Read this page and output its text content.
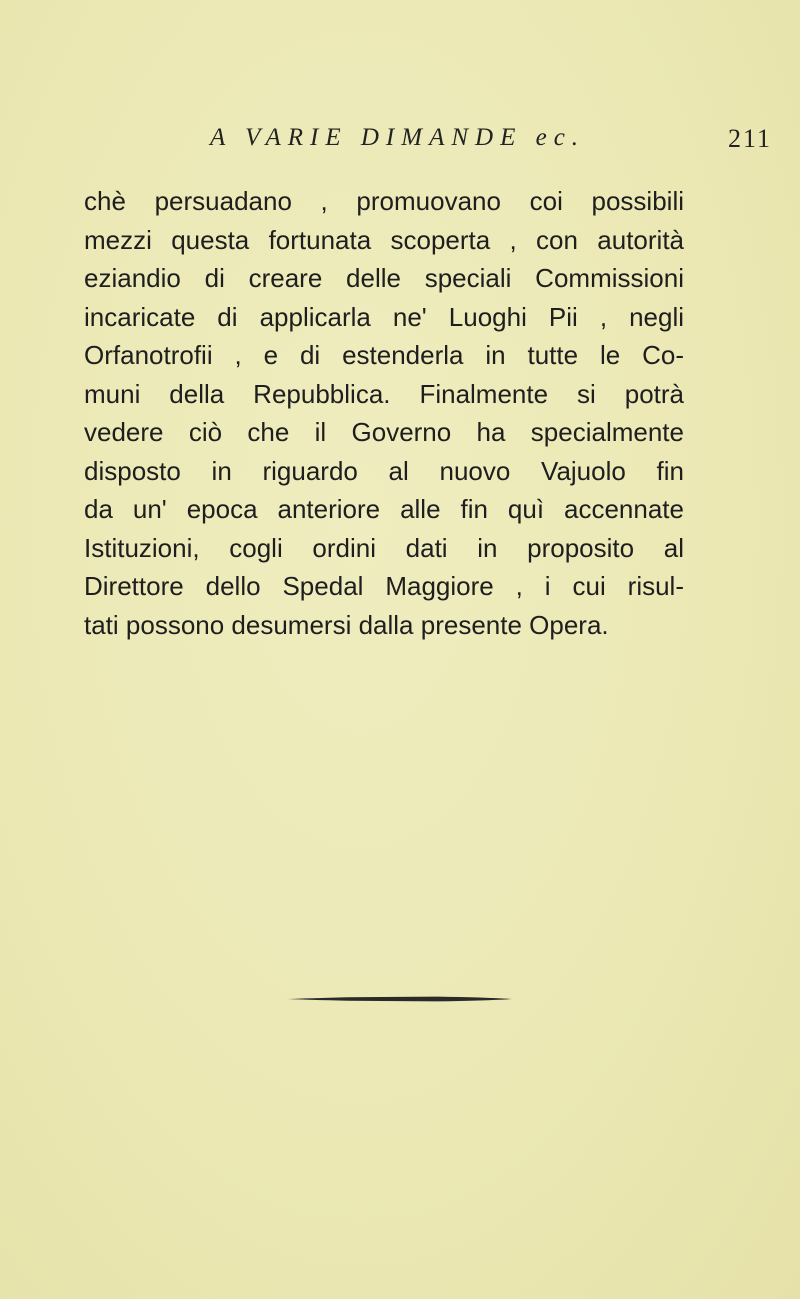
A VARIE DIMANDE ec.	211
chè persuadano , promuovano coi possibili
mezzi questa fortunata scoperta , con autorità
eziandio di creare delle speciali Commissioni
incaricate di applicarla ne' Luoghi Pii , negli
Orfanotrofii , e di estenderla in tutte le Co-
muni della Repubblica. Finalmente si potrà
vedere ciò che il Governo ha specialmente
disposto in riguardo al nuovo Vajuolo fin
da un' epoca anteriore alle fin quì accennate
Istituzioni, cogli ordini dati in proposito al
Direttore dello Spedal Maggiore , i cui risul-
tati possono desumersi dalla presente Opera.
